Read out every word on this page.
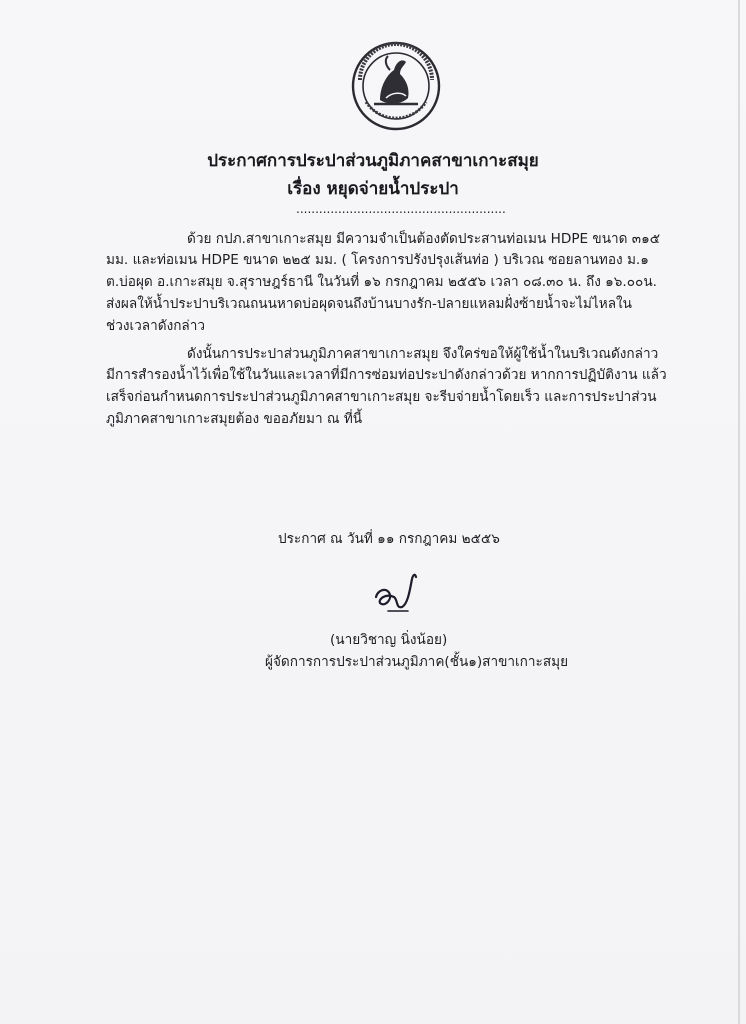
ประกาศการประปาส่วนภูมิภาคสาขาเกาะสมุย
เรื่อง หยุดจ่ายน้ำประปา
.......................................................
ด้วย กปภ.สาขาเกาะสมุย มีความจำเป็นต้องตัดประสานท่อเมน HDPE ขนาด ๓๑๕
มม. และท่อเมน HDPE ขนาด ๒๒๕ มม. ( โครงการปรังปรุงเส้นท่อ ) บริเวณ ซอยลานทอง ม.๑
ต.บ่อผุด อ.เกาะสมุย จ.สุราษฎร์ธานี ในวันที่ ๑๖ กรกฎาคม ๒๕๕๖ เวลา ๐๘.๓๐ น. ถึง ๑๖.๐๐น.
ส่งผลให้น้ำประปาบริเวณถนนหาดบ่อผุดจนถึงบ้านบางรัก-ปลายแหลมฝั่งซ้ายน้ำจะไม่ไหลใน
ช่วงเวลาดังกล่าว
ดังนั้นการประปาส่วนภูมิภาคสาขาเกาะสมุย จึงใคร่ขอให้ผู้ใช้น้ำในบริเวณดังกล่าว
มีการสำรองน้ำไว้เพื่อใช้ในวันและเวลาที่มีการซ่อมท่อประปาดังกล่าวด้วย หากการปฏิบัติงาน แล้ว
เสร็จก่อนกำหนดการประปาส่วนภูมิภาคสาขาเกาะสมุย จะรีบจ่ายน้ำโดยเร็ว และการประปาส่วน
ภูมิภาคสาขาเกาะสมุยต้อง ขออภัยมา ณ ที่นี้
ประกาศ ณ วันที่ ๑๑ กรกฎาคม ๒๕๕๖
(นายวิชาญ นิ่งน้อย)
ผู้จัดการการประปาส่วนภูมิภาค(ชั้น๑)สาขาเกาะสมุย
